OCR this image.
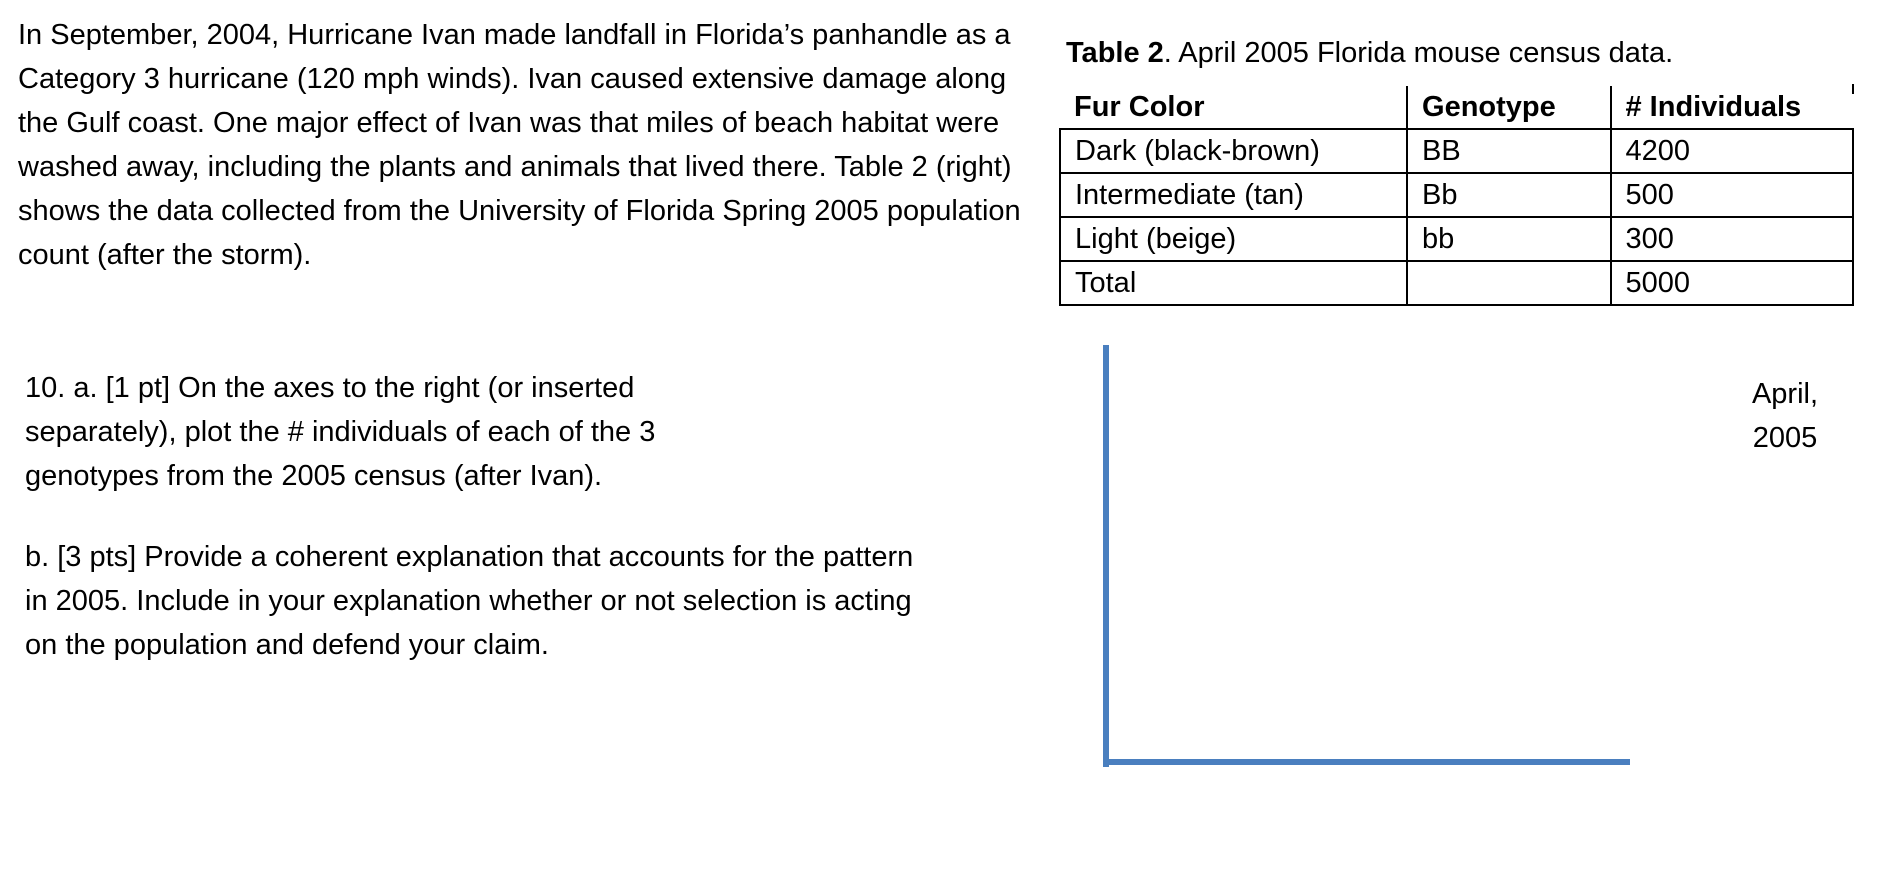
In September, 2004, Hurricane Ivan made landfall in Florida’s panhandle as a Category 3 hurricane (120 mph winds). Ivan caused extensive damage along the Gulf coast. One major effect of Ivan was that miles of beach habitat were washed away, including the plants and animals that lived there. Table 2 (right) shows the data collected from the University of Florida Spring 2005 population count (after the storm).

Table 2. April 2005 Florida mouse census data.
Fur Color	Genotype	# Individuals
Dark (black-brown)	BB	4200
Intermediate (tan)	Bb	500
Light (beige)	bb	300
Total		5000

10. a. [1 pt] On the axes to the right (or inserted separately), plot the # individuals of each of the 3 genotypes from the 2005 census (after Ivan).

b. [3 pts] Provide a coherent explanation that accounts for the pattern in 2005. Include in your explanation whether or not selection is acting on the population and defend your claim.

April,
2005
